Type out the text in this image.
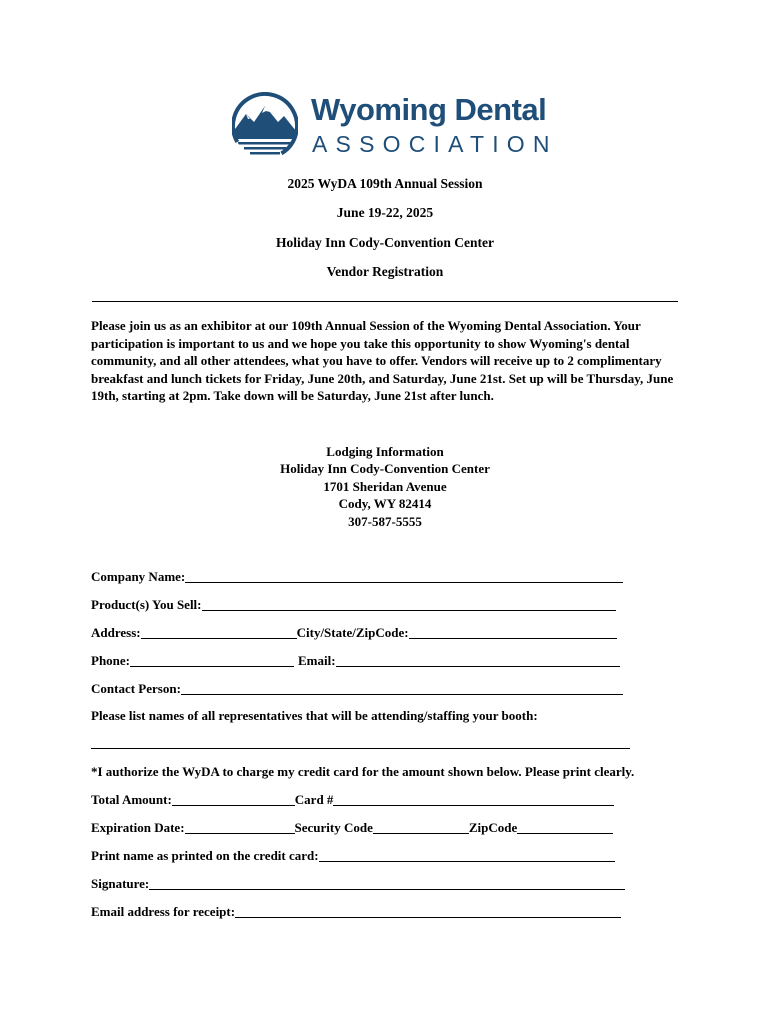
Wyoming Dental
ASSOCIATION
2025 WyDA 109th Annual Session
June 19-22, 2025
Holiday Inn Cody-Convention Center
Vendor Registration
Please join us as an exhibitor at our 109th Annual Session of the Wyoming Dental Association. Your participation is important to us and we hope you take this opportunity to show Wyoming's dental community, and all other attendees, what you have to offer. Vendors will receive up to 2 complimentary breakfast and lunch tickets for Friday, June 20th, and Saturday, June 21st. Set up will be Thursday, June 19th, starting at 2pm. Take down will be Saturday, June 21st after lunch.
Lodging Information
Holiday Inn Cody-Convention Center
1701 Sheridan Avenue
Cody, WY 82414
307-587-5555
Company Name:
Product(s) You Sell:
Address:	City/State/ZipCode:
Phone:	Email:
Contact Person:
Please list names of all representatives that will be attending/staffing your booth:
*I authorize the WyDA to charge my credit card for the amount shown below. Please print clearly.
Total Amount:	Card #
Expiration Date:	Security Code	ZipCode
Print name as printed on the credit card:
Signature:
Email address for receipt:
